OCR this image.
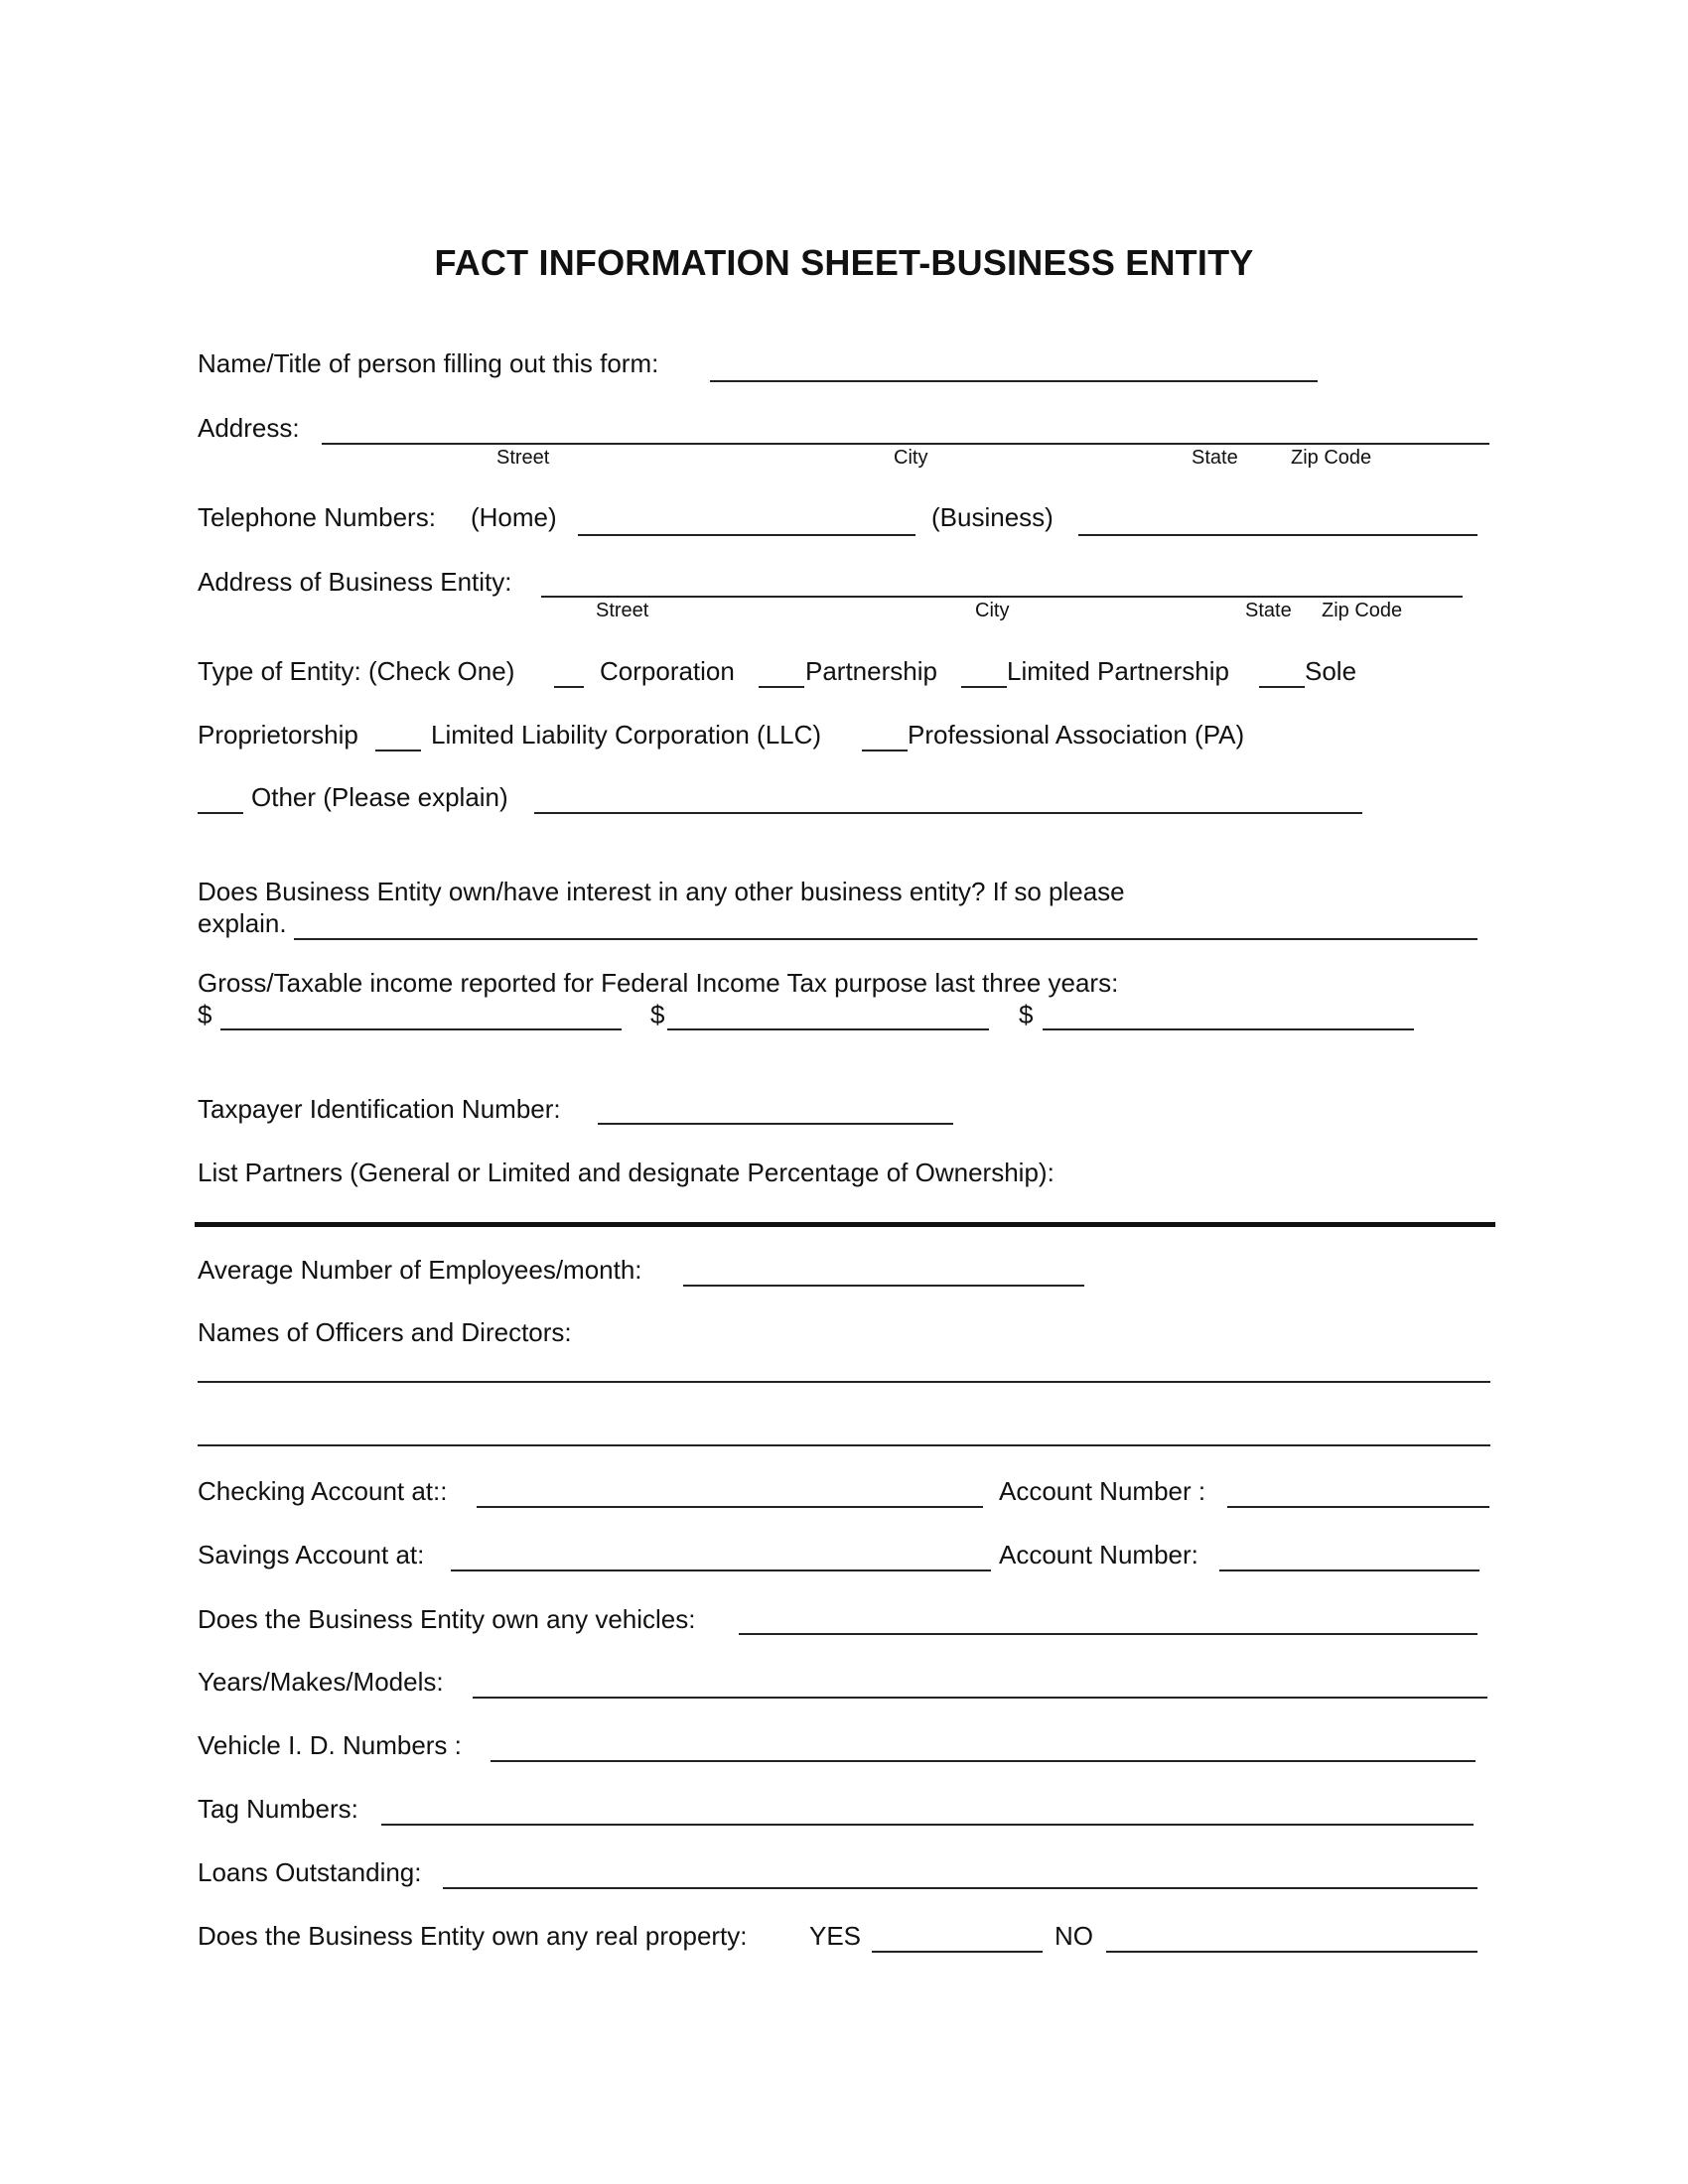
FACT INFORMATION SHEET-BUSINESS ENTITY
Name/Title of person filling out this form:
Address:
Street	City	State	Zip Code
Telephone Numbers: (Home)	(Business)
Address of Business Entity:
Street	City	State Zip Code
Type of Entity: (Check One)	Corporation	Partnership	Limited Partnership	Sole
Proprietorship	Limited Liability Corporation (LLC)	Professional Association (PA)
Other (Please explain)
Does Business Entity own/have interest in any other business entity? If so please
explain.
Gross/Taxable income reported for Federal Income Tax purpose last three years:
$	$	$
Taxpayer Identification Number:
List Partners (General or Limited and designate Percentage of Ownership):
Average Number of Employees/month:
Names of Officers and Directors:
Checking Account at::	Account Number :
Savings Account at:	Account Number:
Does the Business Entity own any vehicles:
Years/Makes/Models:
Vehicle I. D. Numbers :
Tag Numbers:
Loans Outstanding:
Does the Business Entity own any real property: YES	NO
